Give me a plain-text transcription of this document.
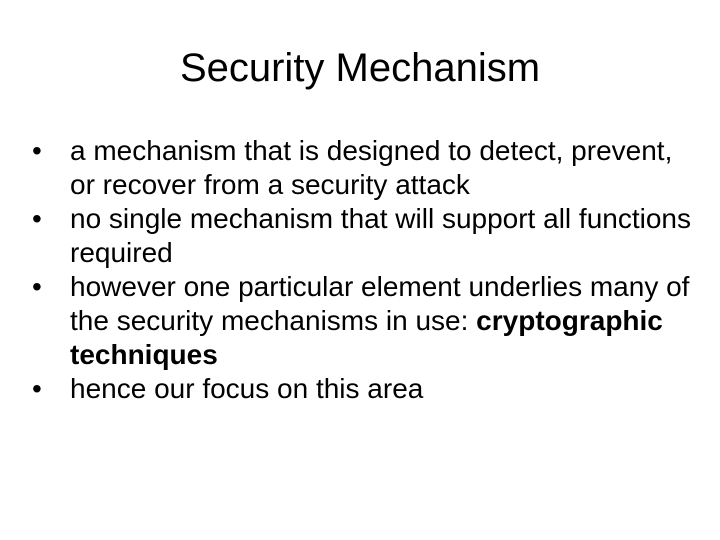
Security Mechanism
•	a mechanism that is designed to detect, prevent, or recover from a security attack
•	no single mechanism that will support all functions required
•	however one particular element underlies many of the security mechanisms in use: cryptographic techniques
•	hence our focus on this area
